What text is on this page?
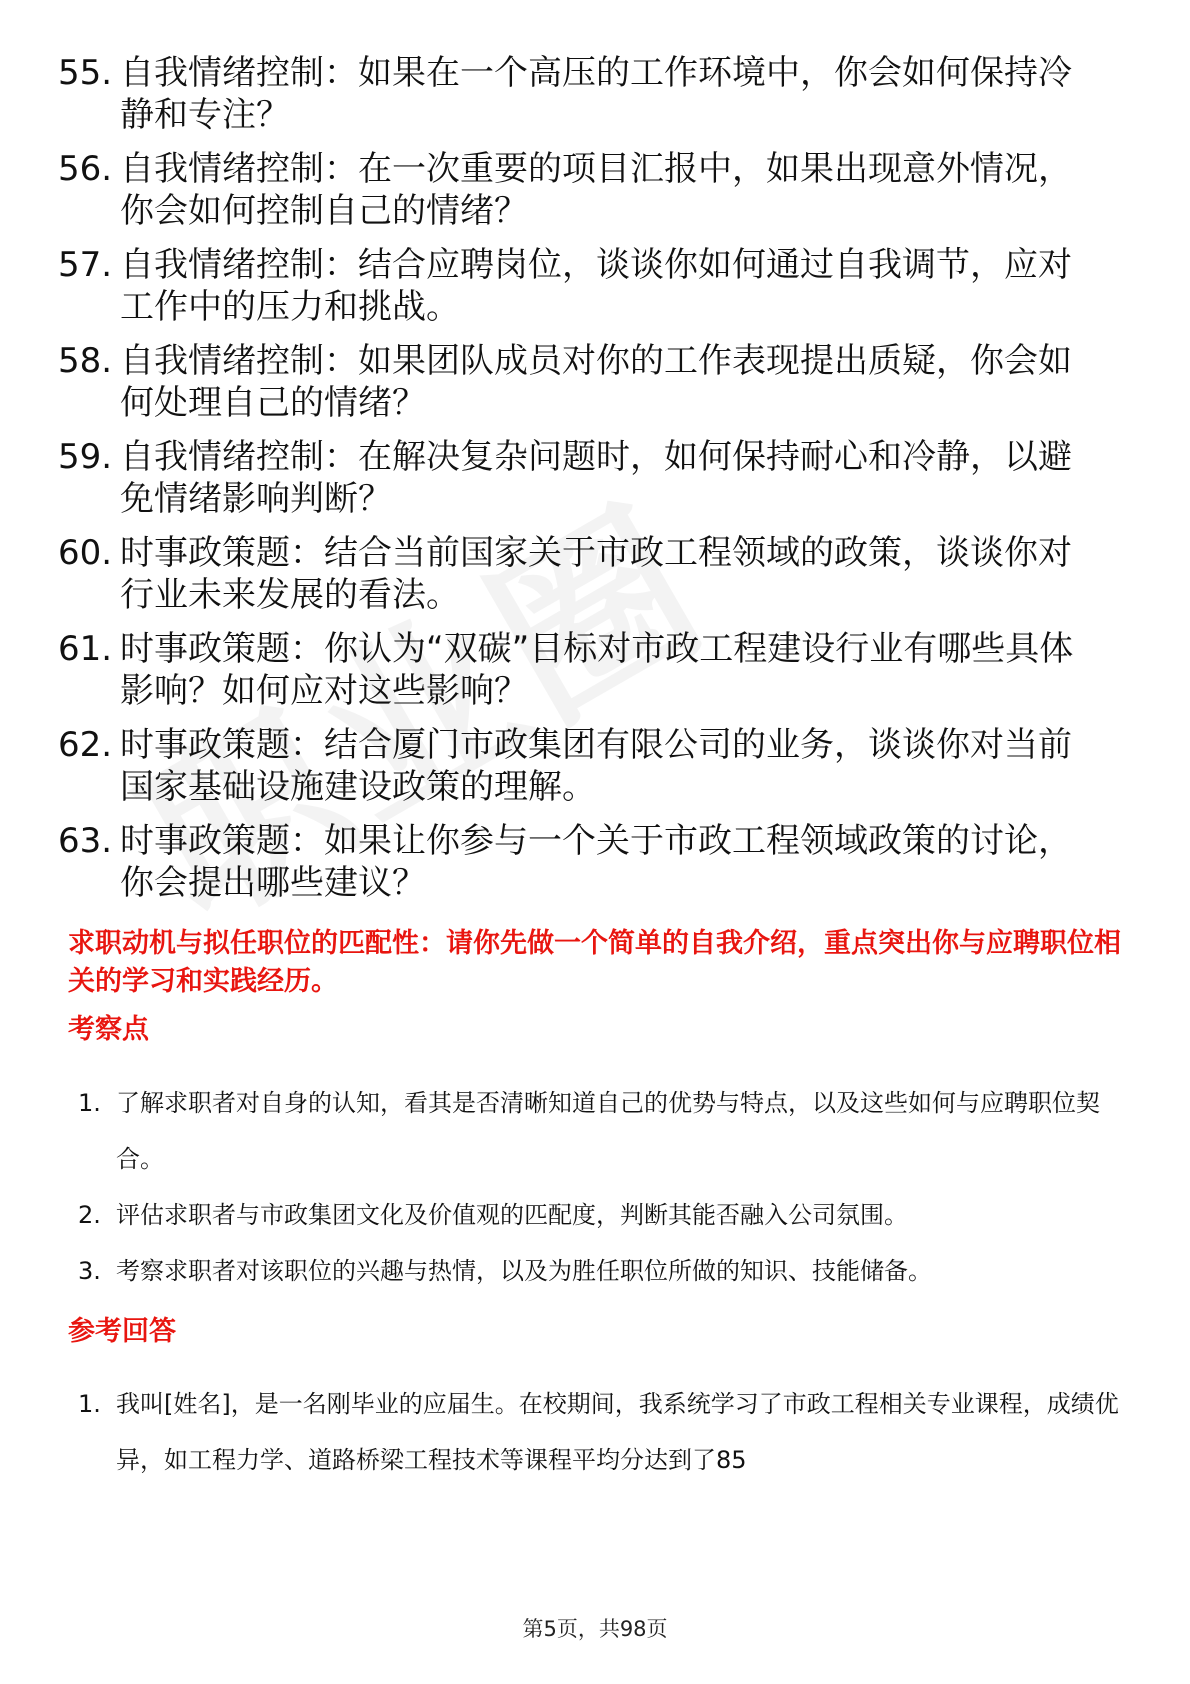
55. 自我情绪控制：如果在一个高压的工作环境中，你会如何保持冷静和专注？
56. 自我情绪控制：在一次重要的项目汇报中，如果出现意外情况，你会如何控制自己的情绪？
57. 自我情绪控制：结合应聘岗位，谈谈你如何通过自我调节，应对工作中的压力和挑战。
58. 自我情绪控制：如果团队成员对你的工作表现提出质疑，你会如何处理自己的情绪？
59. 自我情绪控制：在解决复杂问题时，如何保持耐心和冷静，以避免情绪影响判断？
60. 时事政策题：结合当前国家关于市政工程领域的政策，谈谈你对行业未来发展的看法。
61. 时事政策题：你认为“双碳”目标对市政工程建设行业有哪些具体影响？如何应对这些影响？
62. 时事政策题：结合厦门市政集团有限公司的业务，谈谈你对当前国家基础设施建设政策的理解。
63. 时事政策题：如果让你参与一个关于市政工程领域政策的讨论，你会提出哪些建议？
求职动机与拟任职位的匹配性：请你先做一个简单的自我介绍，重点突出你与应聘职位相关的学习和实践经历。
考察点
1. 了解求职者对自身的认知，看其是否清晰知道自己的优势与特点，以及这些如何与应聘职位契合。
2. 评估求职者与市政集团文化及价值观的匹配度，判断其能否融入公司氛围。
3. 考察求职者对该职位的兴趣与热情，以及为胜任职位所做的知识、技能储备。
参考回答
1. 我叫[姓名]，是一名刚毕业的应届生。在校期间，我系统学习了市政工程相关专业课程，成绩优异，如工程力学、道路桥梁工程技术等课程平均分达到了85
第5页，共98页
